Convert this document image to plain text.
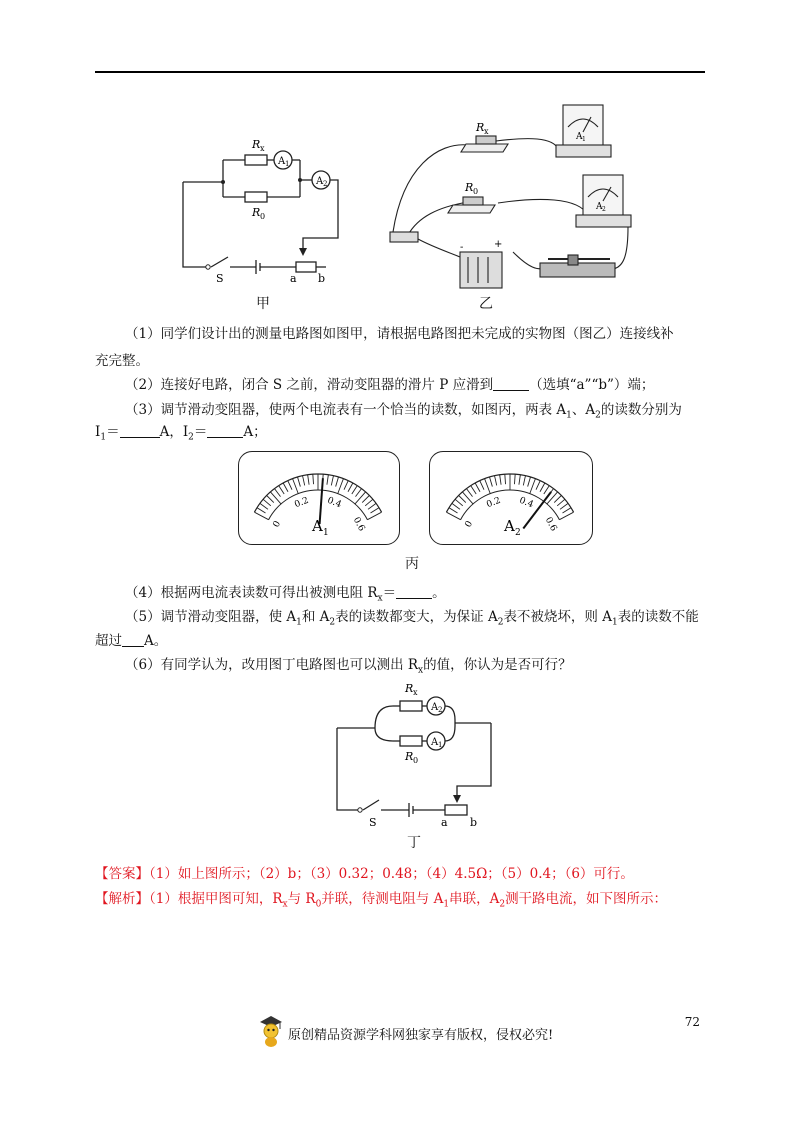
R x
R 0
A 1
A 2
S	a b
甲
R x
R 0
A 1
A 2
+
-
乙
（1）同学们设计出的测量电路图如图甲，请根据电路图把未完成的实物图（图乙）连接线补
充完整。
（2）连接好电路，闭合 S 之前，滑动变阻器的滑片 P 应滑到	（选填“a”“b”）端；
（3）调节滑动变阻器，使两个电流表有一个恰当的读数，如图丙，两表 $A_1$、$A_2$的读数分别为
$I_1=$	A，$I_2=$	A；
0
0.2 0.4
0.6
A 1
0
0.2 0.4
0.6
A 2
丙
（4）根据两电流表读数可得出被测电阻 $R_x=$	。
（5）调节滑动变阻器，使 $A_1$和 $A_2$表的读数都变大，为保证 $A_2$表不被烧坏，则 $A_1$表的读数不能
超过 A。
（6）有同学认为，改用图丁电路图也可以测出 $R_x$的值，你认为是否可行？
R x
R 0
A 2
A 1
S	a b
丁
【答案】（1）如上图所示；（2）b；（3）0.32；0.48；（4）4.5Ω；（5）0.4；（6）可行。
【解析】（1）根据甲图可知，$R_x$与 $R_0$并联，待测电阻与 $A_1$串联，$A_2$测干路电流，如下图所示：
72
原创精品资源学科网独家享有版权，侵权必究!
